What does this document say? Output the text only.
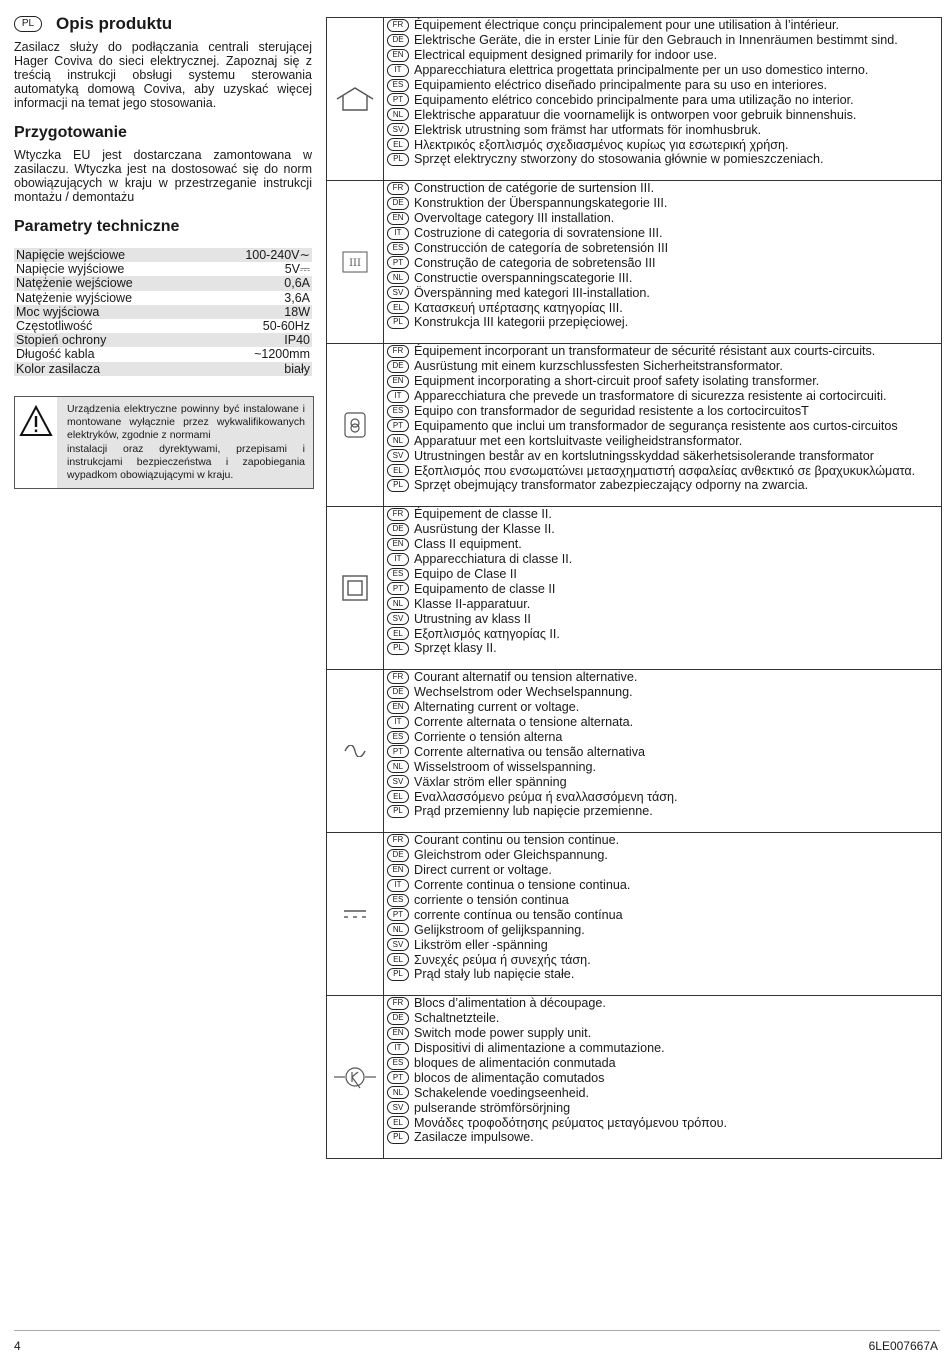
PL	Opis produktu

Zasilacz służy do podłączania centrali sterującej Hager Coviva do sieci elektrycznej. Zapoznaj się z treścią instrukcji obsługi systemu sterowania automatyką domową Coviva, aby uzyskać więcej informacji na temat jego stosowania.

Przygotowanie

Wtyczka EU jest dostarczana zamontowana w zasilaczu. Wtyczka jest na dostosować się do norm obowiązujących w kraju w przestrzeganie instrukcji montażu / demontażu

Parametry techniczne
Napięcie wejściowe	100-240V∼
Napięcie wyjściowe	5V⎓
Natężenie wejściowe	0,6A
Natężenie wyjściowe	3,6A
Moc wyjściowa	18W
Częstotliwość	50-60Hz
Stopień ochrony	IP40
Długość kabla	~1200mm
Kolor zasilacza	biały
Urządzenia elektryczne powinny być instalowane i montowane wyłącznie przez wykwalifikowanych elektryków, zgodnie z normami
instalacji oraz dyrektywami, przepisami i instrukcjami bezpieczeństwa i zapobiegania wypadkom obowiązującymi w kraju.
FR Équipement électrique conçu principalement pour une utilisation à l’intérieur.
DE Elektrische Geräte, die in erster Linie für den Gebrauch in Innenräumen bestimmt sind.
EN Electrical equipment designed primarily for indoor use.
IT Apparecchiatura elettrica progettata principalmente per un uso domestico interno.
ES Equipamiento eléctrico diseñado principalmente para su uso en interiores.
PT Equipamento elétrico concebido principalmente para uma utilização no interior.
NL Elektrische apparatuur die voornamelijk is ontworpen voor gebruik binnenshuis.
SV Elektrisk utrustning som främst har utformats för inomhusbruk.
EL Ηλεκτρικός εξοπλισμός σχεδιασμένος κυρίως για εσωτερική χρήση.
PL Sprzęt elektryczny stworzony do stosowania głównie w pomieszczeniach.
III
FR Construction de catégorie de surtension III.
DE Konstruktion der Überspannungskategorie III.
EN Overvoltage category III installation.
IT Costruzione di categoria di sovratensione III.
ES Construcción de categoría de sobretensión III
PT Construção de categoria de sobretensão III
NL Constructie overspanningscategorie III.
SV Överspänning med kategori III-installation.
EL Κατασκευή υπέρτασης κατηγορίας III.
PL Konstrukcja III kategorii przepięciowej.
FR Équipement incorporant un transformateur de sécurité résistant aux courts-circuits.
DE Ausrüstung mit einem kurzschlussfesten Sicherheitstransformator.
EN Equipment incorporating a short-circuit proof safety isolating transformer.
IT Apparecchiatura che prevede un trasformatore di sicurezza resistente ai cortocircuiti.
ES Equipo con transformador de seguridad resistente a los cortocircuitosT
PT Equipamento que inclui um transformador de segurança resistente aos curtos-circuitos
NL Apparatuur met een kortsluitvaste veiligheidstransformator.
SV Utrustningen består av en kortslutningsskyddad säkerhetsisolerande transformator
EL Εξοπλισμός που ενσωματώνει μετασχηματιστή ασφαλείας ανθεκτικό σε βραχυκυκλώματα.
PL Sprzęt obejmujący transformator zabezpieczający odporny na zwarcia.
FR Équipement de classe II.
DE Ausrüstung der Klasse II.
EN Class II equipment.
IT Apparecchiatura di classe II.
ES Equipo de Clase II
PT Equipamento de classe II
NL Klasse II-apparatuur.
SV Utrustning av klass II
EL Εξοπλισμός κατηγορίας II.
PL Sprzęt klasy II.
FR Courant alternatif ou tension alternative.
DE Wechselstrom oder Wechselspannung.
EN Alternating current or voltage.
IT Corrente alternata o tensione alternata.
ES Corriente o tensión alterna
PT Corrente alternativa ou tensão alternativa
NL Wisselstroom of wisselspanning.
SV Växlar ström eller spänning
EL Εναλλασσόμενο ρεύμα ή εναλλασσόμενη τάση.
PL Prąd przemienny lub napięcie przemienne.
FR Courant continu ou tension continue.
DE Gleichstrom oder Gleichspannung.
EN Direct current or voltage.
IT Corrente continua o tensione continua.
ES corriente o tensión continua
PT corrente contínua ou tensão contínua
NL Gelijkstroom of gelijkspanning.
SV Likström eller -spänning
EL Συνεχές ρεύμα ή συνεχής τάση.
PL Prąd stały lub napięcie stałe.
FR Blocs d’alimentation à découpage.
DE Schaltnetzteile.
EN Switch mode power supply unit.
IT Dispositivi di alimentazione a commutazione.
ES bloques de alimentación conmutada
PT blocos de alimentação comutados
NL Schakelende voedingseenheid.
SV pulserande strömförsörjning
EL Μονάδες τροφοδότησης ρεύματος μεταγόμενου τρόπου.
PL Zasilacze impulsowe.
4	6LE007667A
